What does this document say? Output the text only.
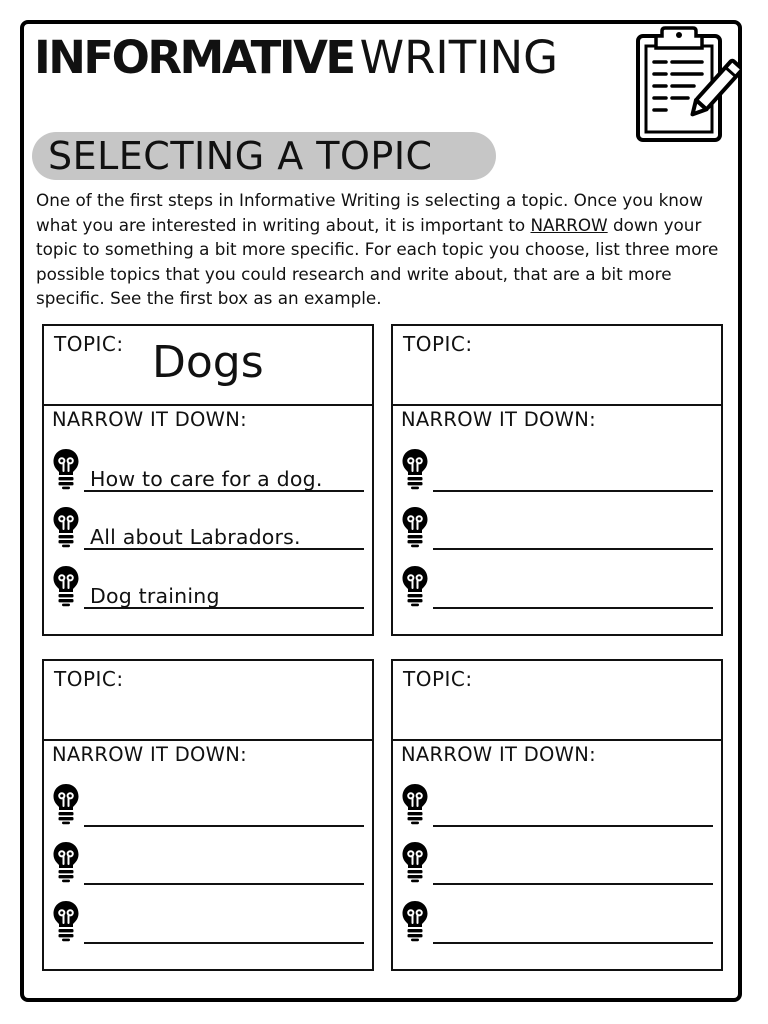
INFORMATIVE WRITING
SELECTING A TOPIC
One of the first steps in Informative Writing is selecting a topic. Once you know what you are interested in writing about, it is important to NARROW down your topic to something a bit more specific. For each topic you choose, list three more possible topics that you could research and write about, that are a bit more specific. See the first box as an example.
TOPIC: Dogs
NARROW IT DOWN:
How to care for a dog.
All about Labradors.
Dog training
TOPIC:
NARROW IT DOWN:
TOPIC:
NARROW IT DOWN:
TOPIC:
NARROW IT DOWN:
